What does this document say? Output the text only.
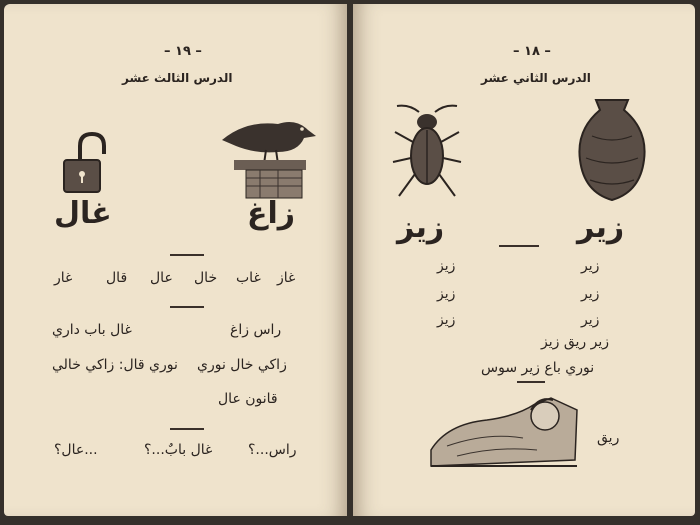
– ١٩ –
الدرس الثالث عشر
غال	زاغ
غاز
غاب
خال
عال
قال
غار
راس زاغ
غال باب داري
زاكي خال نوري
نوري قال: زاكي خالي
قانون عال
راس...؟
غال بابٌ...؟
...عال؟
– ١٨ –
الدرس الثاني عشر
زيز	زير
زيز
زيز
زيز
زير
زير
زير
زير ريق زيز
نوري باع زير سوس
ريق
